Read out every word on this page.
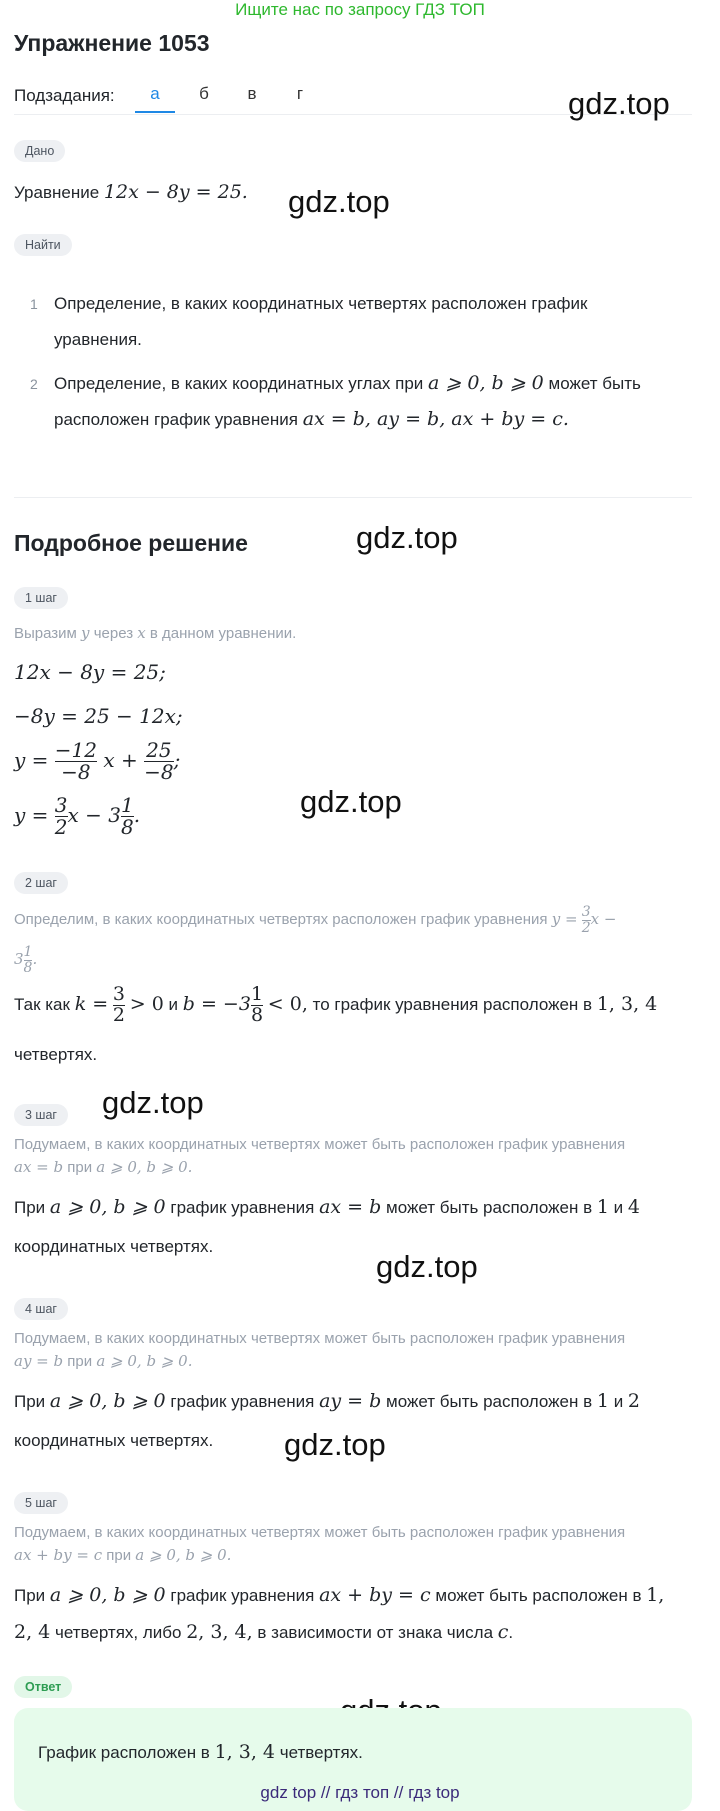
Ищите нас по запросу ГДЗ ТОП
Упражнение 1053
Подзадания:	а	б	в	г	gdz.top
gdz.top
gdz.top
gdz.top
gdz.top
gdz.top
gdz.top
Дано
Уравнение 12x − 8y = 25.
Найти
1 Определение, в каких координатных четвертях расположен график
уравнения.
2 Определение, в каких координатных углах при a ⩾ 0, b ⩾ 0 может быть
расположен график уравнения ax = b, ay = b, ax + by = c.
Подробное решение
1 шаг
Выразим y через x в данном уравнении.
12x − 8y = 25;
−8y = 25 − 12x;
$y = \frac{-12}{-8}$ $x + \frac{25}{-8}$ ;
$y = \frac{3}{2}$ $x - 3 \frac{1}{8}$ .
2 шаг
Определим, в каких координатных четвертях расположен график уравнения $y = \frac{3}{2}$ x −
$3 \frac{1}{8}$ .
Так как $k = \frac{3}{2} > 0$ и $b = -3 \frac{1}{8} < 0$, то график уравнения расположен в 1, 3, 4
четвертях.
3 шаг
Подумаем, в каких координатных четвертях может быть расположен график уравнения
ax = b при a ⩾ 0, b ⩾ 0.
При a ⩾ 0, b ⩾ 0 график уравнения ax = b может быть расположен в 1 и 4
координатных четвертях.
4 шаг
Подумаем, в каких координатных четвертях может быть расположен график уравнения
ay = b при a ⩾ 0, b ⩾ 0.
При a ⩾ 0, b ⩾ 0 график уравнения ay = b может быть расположен в 1 и 2
координатных четвертях.
5 шаг
Подумаем, в каких координатных четвертях может быть расположен график уравнения
ax + by = c при a ⩾ 0, b ⩾ 0.
При a ⩾ 0, b ⩾ 0 график уравнения ax + by = c может быть расположен в 1,
2, 4 четвертях, либо 2, 3, 4, в зависимости от знака числа c.
Ответ
График расположен в 1, 3, 4 четвертях.
gdz top // гдз топ // гдз top
